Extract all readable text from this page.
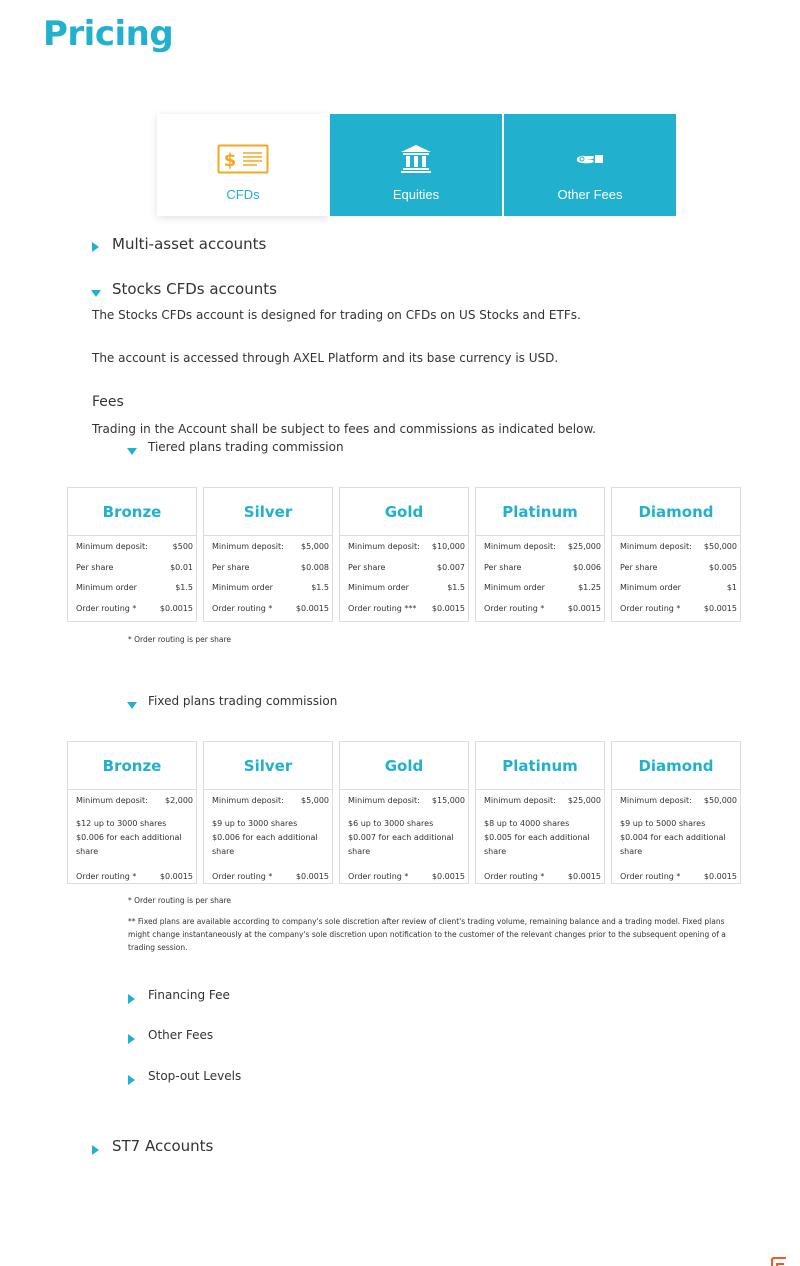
Pricing
$
CFDs	Equities	Other Fees
Multi-asset accounts
Stocks CFDs accounts
The Stocks CFDs account is designed for trading on CFDs on US Stocks and ETFs.
The account is accessed through AXEL Platform and its base currency is USD.
Fees
Trading in the Account shall be subject to fees and commissions as indicated below.
Tiered plans trading commission
Bronze
Minimum deposit:	$500
Per share	$0.01
Minimum order	$1.5
Order routing *	$0.0015
Silver
Minimum deposit: $5,000
Per share	$0.008
Minimum order	$1.5
Order routing *	$0.0015
Gold
Minimum deposit: $10,000
Per share	$0.007
Minimum order	$1.5
Order routing *** $0.0015
Platinum
Minimum deposit: $25,000
Per share	$0.006
Minimum order	$1.25
Order routing *	$0.0015
Diamond
Minimum deposit: $50,000
Per share	$0.005
Minimum order	$1
Order routing *	$0.0015
* Order routing is per share
Fixed plans trading commission
Bronze
Minimum deposit: $2,000
$12 up to 3000 shares
$0.006 for each additional share
Order routing *	$0.0015
Silver
Minimum deposit: $5,000
$9 up to 3000 shares
$0.006 for each additional share
Order routing *	$0.0015
Gold
Minimum deposit: $15,000
$6 up to 3000 shares
$0.007 for each additional share
Order routing *	$0.0015
Platinum
Minimum deposit: $25,000
$8 up to 4000 shares
$0.005 for each additional share
Order routing *	$0.0015
Diamond
Minimum deposit: $50,000
$9 up to 5000 shares
$0.004 for each additional share
Order routing *	$0.0015
* Order routing is per share
** Fixed plans are available according to company's sole discretion after review of client's trading volume, remaining balance and a trading model. Fixed plans might change instantaneously at the company's sole discretion upon notification to the customer of the relevant changes prior to the subsequent opening of a trading session.
Financing Fee
Other Fees
Stop-out Levels
ST7 Accounts
